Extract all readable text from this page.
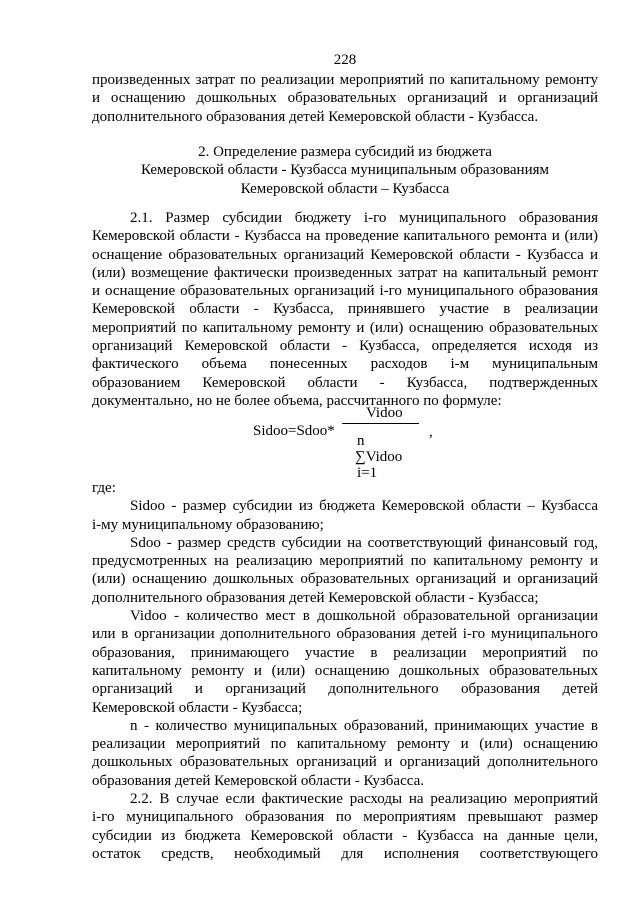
228
произведенных затрат по реализации мероприятий по капитальному ремонту
и оснащению дошкольных образовательных организаций и организаций
дополнительного образования детей Кемеровской области - Кузбасса.
2. Определение размера субсидий из бюджета
Кемеровской области - Кузбасса муниципальным образованиям
Кемеровской области – Кузбасса
2.1. Размер субсидии бюджету i-го муниципального образования
Кемеровской области - Кузбасса на проведение капитального ремонта и (или)
оснащение образовательных организаций Кемеровской области - Кузбасса и
(или) возмещение фактически произведенных затрат на капитальный ремонт
и оснащение образовательных организаций i-го муниципального образования
Кемеровской области - Кузбасса, принявшего участие в реализации
мероприятий по капитальному ремонту и (или) оснащению образовательных
организаций Кемеровской области - Кузбасса, определяется исходя из
фактического объема понесенных расходов i-м муниципальным
образованием Кемеровской области - Кузбасса, подтвержденных
документально, но не более объема, рассчитанного по формуле:
Vidoo
Sidoo=Sdoo*	,
n
∑Vidoo
i=1
где:
Sidoo - размер субсидии из бюджета Кемеровской области – Кузбасса
i-му муниципальному образованию;
Sdoo - размер средств субсидии на соответствующий финансовый год,
предусмотренных на реализацию мероприятий по капитальному ремонту и
(или) оснащению дошкольных образовательных организаций и организаций
дополнительного образования детей Кемеровской области - Кузбасса;
Vidoo - количество мест в дошкольной образовательной организации
или в организации дополнительного образования детей i-го муниципального
образования, принимающего участие в реализации мероприятий по
капитальному ремонту и (или) оснащению дошкольных образовательных
организаций и организаций дополнительного образования детей
Кемеровской области - Кузбасса;
n - количество муниципальных образований, принимающих участие в
реализации мероприятий по капитальному ремонту и (или) оснащению
дошкольных образовательных организаций и организаций дополнительного
образования детей Кемеровской области - Кузбасса.
2.2. В случае если фактические расходы на реализацию мероприятий
i-го муниципального образования по мероприятиям превышают размер
субсидии из бюджета Кемеровской области - Кузбасса на данные цели,
остаток средств, необходимый для исполнения соответствующего
